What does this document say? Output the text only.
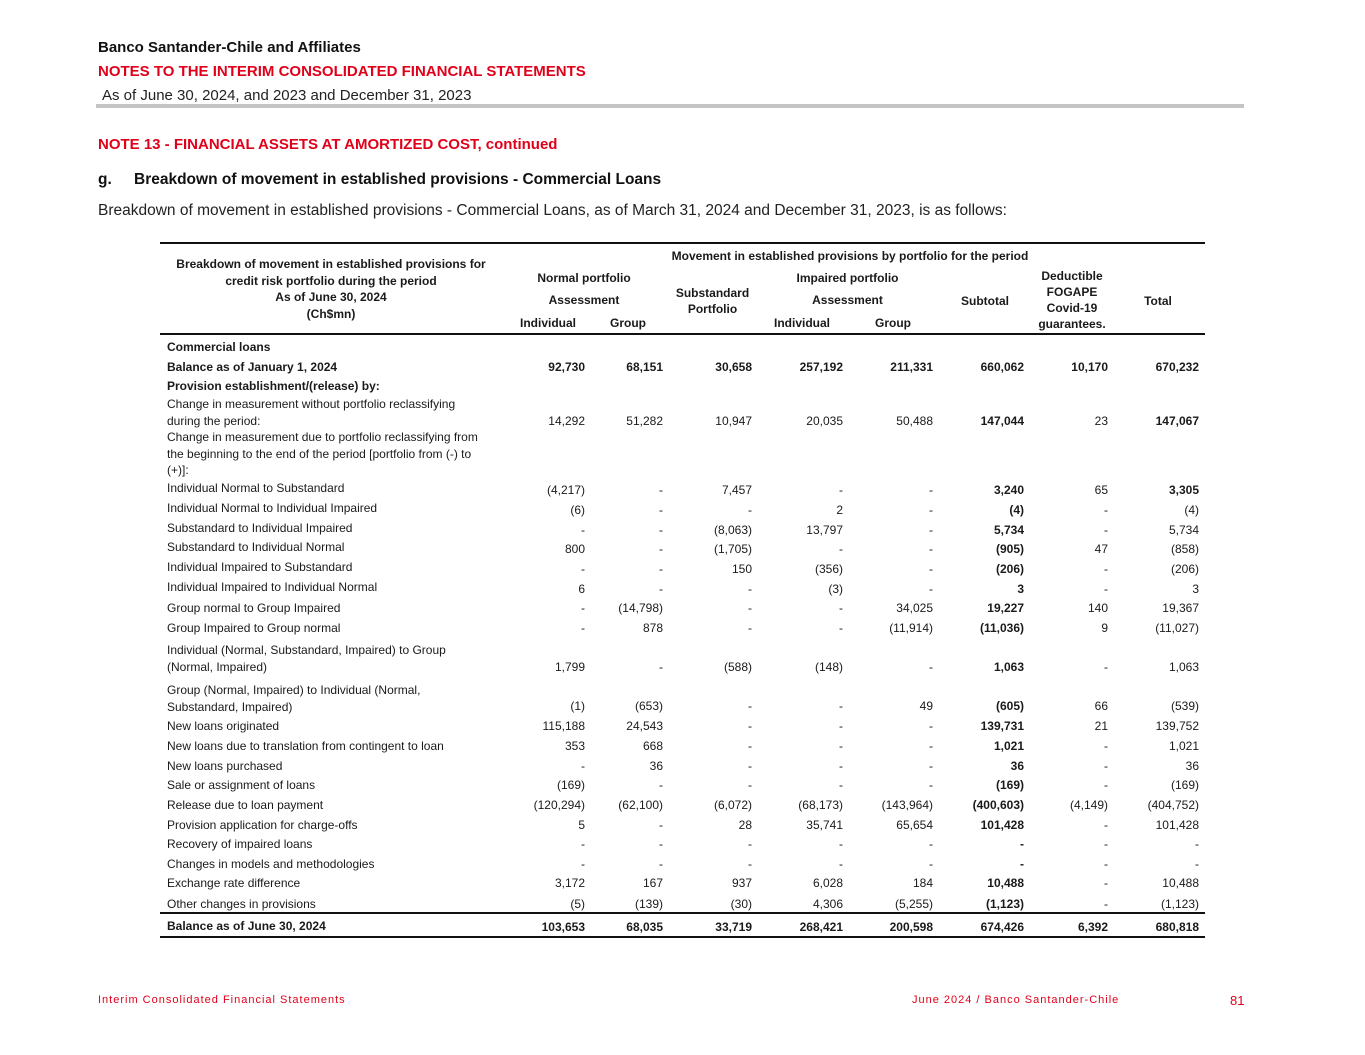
Banco Santander-Chile and Affiliates
NOTES TO THE INTERIM CONSOLIDATED FINANCIAL STATEMENTS
As of June 30, 2024, and 2023 and December 31, 2023
NOTE 13 - FINANCIAL ASSETS AT AMORTIZED COST, continued
g. Breakdown of movement in established provisions - Commercial Loans
Breakdown of movement in established provisions - Commercial Loans, as of March 31, 2024 and December 31, 2023, is as follows:
Breakdown of movement in established provisions for
credit risk portfolio during the period
As of June 30, 2024
(Ch$mn)
Movement in established provisions by portfolio for the period
Normal portfolio
Assessment
Individual	Group
Substandard
Portfolio
Impaired portfolio
Assessment
Individual	Group
Subtotal
Deductible
FOGAPE
Covid-19
guarantees.
Total
Commercial loans
Balance as of January 1, 2024	92,730	68,151	30,658	257,192	211,331	660,062	10,170	670,232
Provision establishment/(release) by:
Change in measurement without portfolio reclassifying during the period:	14,292	51,282	10,947	20,035	50,488	147,044	23	147,067
Change in measurement due to portfolio reclassifying from the beginning to the end of the period [portfolio from (-) to (+)]:
Individual Normal to Substandard	(4,217)	-	7,457	-	-	3,240	65	3,305
Individual Normal to Individual Impaired	(6)	-	-	2	-	(4)	-	(4)
Substandard to Individual Impaired	-	-	(8,063)	13,797	-	5,734	-	5,734
Substandard to Individual Normal	800	-	(1,705)	-	-	(905)	47	(858)
Individual Impaired to Substandard	-	-	150	(356)	-	(206)	-	(206)
Individual Impaired to Individual Normal	6	-	-	(3)	-	3	-	3
Group normal to Group Impaired	-	(14,798)	-	-	34,025	19,227	140	19,367
Group Impaired to Group normal	-	878	-	-	(11,914)	(11,036)	9	(11,027)
Individual (Normal, Substandard, Impaired) to Group (Normal, Impaired)	1,799	-	(588)	(148)	-	1,063	-	1,063
Group (Normal, Impaired) to Individual (Normal, Substandard, Impaired)	(1)	(653)	-	-	49	(605)	66	(539)
New loans originated	115,188	24,543	-	-	-	139,731	21	139,752
New loans due to translation from contingent to loan	353	668	-	-	-	1,021	-	1,021
New loans purchased	-	36	-	-	-	36	-	36
Sale or assignment of loans	(169)	-	-	-	-	(169)	-	(169)
Release due to loan payment	(120,294)	(62,100)	(6,072)	(68,173)	(143,964)	(400,603)	(4,149)	(404,752)
Provision application for charge-offs	5	-	28	35,741	65,654	101,428	-	101,428
Recovery of impaired loans	-	-	-	-	-	-	-	-
Changes in models and methodologies	-	-	-	-	-	-	-	-
Exchange rate difference	3,172	167	937	6,028	184	10,488	-	10,488
Other changes in provisions	(5)	(139)	(30)	4,306	(5,255)	(1,123)	-	(1,123)
Balance as of June 30, 2024	103,653	68,035	33,719	268,421	200,598	674,426	6,392	680,818
Interim Consolidated Financial Statements	June 2024 / Banco Santander-Chile	81
